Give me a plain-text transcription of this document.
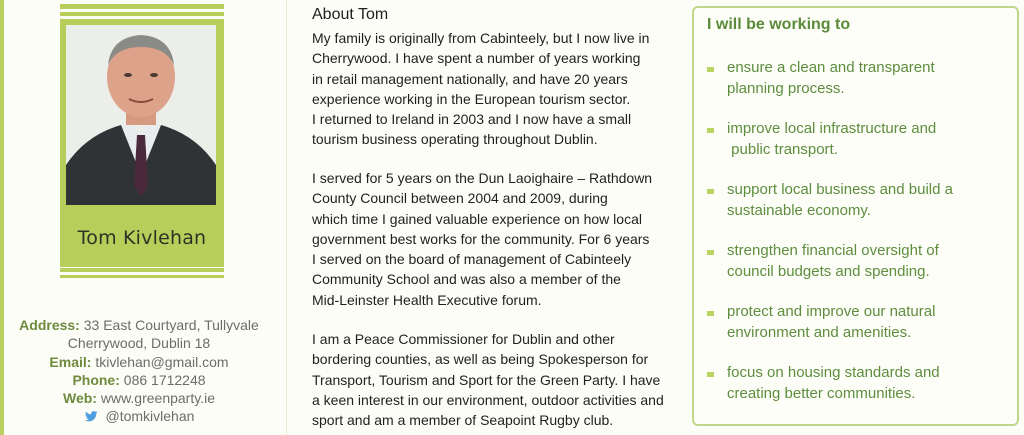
Tom Kivlehan
Address: 33 East Courtyard, Tullyvale
Cherrywood, Dublin 18
Email: tkivlehan@gmail.com
Phone: 086 1712248
Web: www.greenparty.ie
@tomkivlehan
About Tom

My family is originally from Cabinteely, but I now live in

Cherrywood. I have spent a number of years working

in retail management nationally, and have 20 years

experience working in the European tourism sector.

I returned to Ireland in 2003 and I now have a small

tourism business operating throughout Dublin.

I served for 5 years on the Dun Laoighaire – Rathdown

County Council between 2004 and 2009, during

which time I gained valuable experience on how local

government best works for the community. For 6 years

I served on the board of management of Cabinteely

Community School and was also a member of the

Mid-Leinster Health Executive forum.

I am a Peace Commissioner for Dublin and other

bordering counties, as well as being Spokesperson for

Transport, Tourism and Sport for the Green Party. I have

a keen interest in our environment, outdoor activities and

sport and am a member of Seapoint Rugby club.

I will be working to
ensure a clean and transparent
planning process.
improve local infrastructure and
public transport.
support local business and build a
sustainable economy.
strengthen financial oversight of
council budgets and spending.
protect and improve our natural
environment and amenities.
focus on housing standards and
creating better communities.
